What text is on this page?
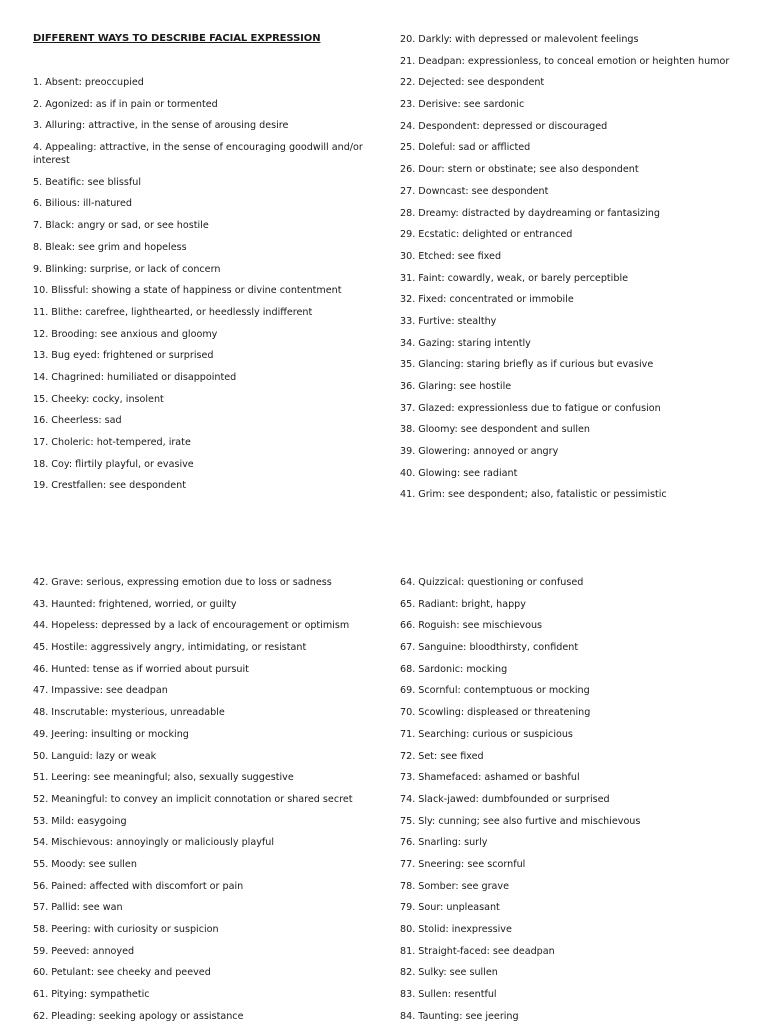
DIFFERENT WAYS TO DESCRIBE FACIAL EXPRESSION
1. Absent: preoccupied
2. Agonized: as if in pain or tormented
3. Alluring: attractive, in the sense of arousing desire
4. Appealing: attractive, in the sense of encouraging goodwill and/or interest
5. Beatific: see blissful
6. Bilious: ill-natured
7. Black: angry or sad, or see hostile
8. Bleak: see grim and hopeless
9. Blinking: surprise, or lack of concern
10. Blissful: showing a state of happiness or divine contentment
11. Blithe: carefree, lighthearted, or heedlessly indifferent
12. Brooding: see anxious and gloomy
13. Bug eyed: frightened or surprised
14. Chagrined: humiliated or disappointed
15. Cheeky: cocky, insolent
16. Cheerless: sad
17. Choleric: hot-tempered, irate
18. Coy: flirtily playful, or evasive
19. Crestfallen: see despondent
20. Darkly: with depressed or malevolent feelings
21. Deadpan: expressionless, to conceal emotion or heighten humor
22. Dejected: see despondent
23. Derisive: see sardonic
24. Despondent: depressed or discouraged
25. Doleful: sad or afflicted
26. Dour: stern or obstinate; see also despondent
27. Downcast: see despondent
28. Dreamy: distracted by daydreaming or fantasizing
29. Ecstatic: delighted or entranced
30. Etched: see fixed
31. Faint: cowardly, weak, or barely perceptible
32. Fixed: concentrated or immobile
33. Furtive: stealthy
34. Gazing: staring intently
35. Glancing: staring briefly as if curious but evasive
36. Glaring: see hostile
37. Glazed: expressionless due to fatigue or confusion
38. Gloomy: see despondent and sullen
39. Glowering: annoyed or angry
40. Glowing: see radiant
41. Grim: see despondent; also, fatalistic or pessimistic
42. Grave: serious, expressing emotion due to loss or sadness
43. Haunted: frightened, worried, or guilty
44. Hopeless: depressed by a lack of encouragement or optimism
45. Hostile: aggressively angry, intimidating, or resistant
46. Hunted: tense as if worried about pursuit
47. Impassive: see deadpan
48. Inscrutable: mysterious, unreadable
49. Jeering: insulting or mocking
50. Languid: lazy or weak
51. Leering: see meaningful; also, sexually suggestive
52. Meaningful: to convey an implicit connotation or shared secret
53. Mild: easygoing
54. Mischievous: annoyingly or maliciously playful
55. Moody: see sullen
56. Pained: affected with discomfort or pain
57. Pallid: see wan
58. Peering: with curiosity or suspicion
59. Peeved: annoyed
60. Petulant: see cheeky and peeved
61. Pitying: sympathetic
62. Pleading: seeking apology or assistance
64. Quizzical: questioning or confused
65. Radiant: bright, happy
66. Roguish: see mischievous
67. Sanguine: bloodthirsty, confident
68. Sardonic: mocking
69. Scornful: contemptuous or mocking
70. Scowling: displeased or threatening
71. Searching: curious or suspicious
72. Set: see fixed
73. Shamefaced: ashamed or bashful
74. Slack-jawed: dumbfounded or surprised
75. Sly: cunning; see also furtive and mischievous
76. Snarling: surly
77. Sneering: see scornful
78. Somber: see grave
79. Sour: unpleasant
80. Stolid: inexpressive
81. Straight-faced: see deadpan
82. Sulky: see sullen
83. Sullen: resentful
84. Taunting: see jeering
